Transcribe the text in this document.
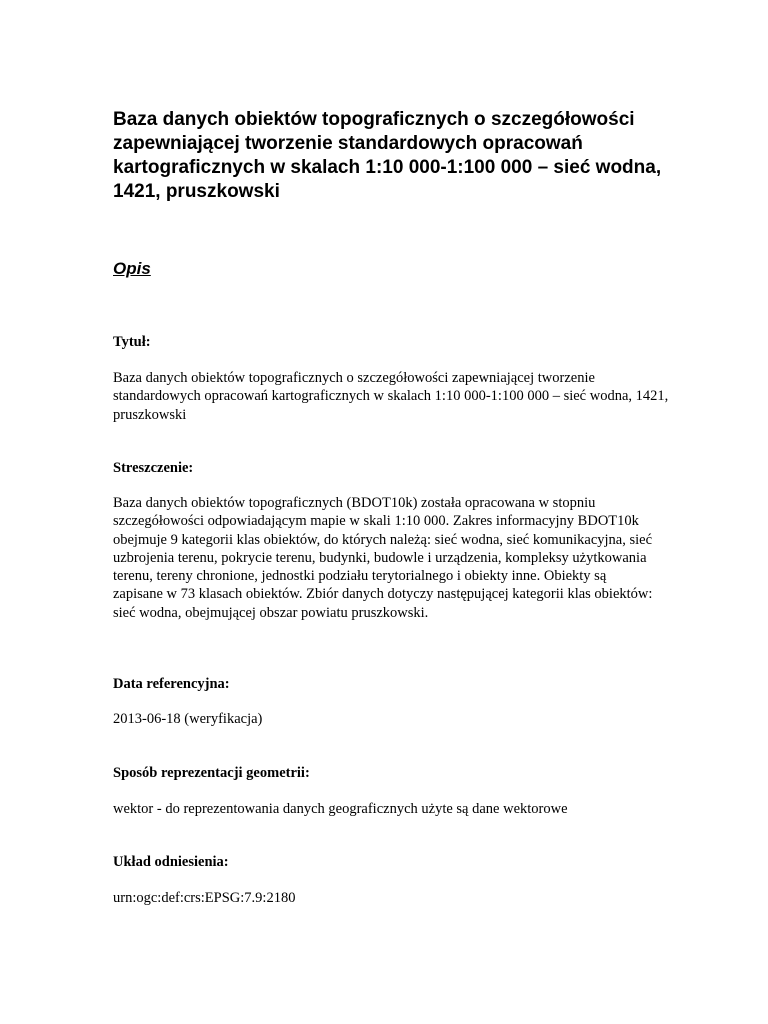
Baza danych obiektów topograficznych o szczegółowości zapewniającej tworzenie standardowych opracowań kartograficznych w skalach 1:10 000-1:100 000 – sieć wodna, 1421, pruszkowski
Opis

Tytuł:

Baza danych obiektów topograficznych o szczegółowości zapewniającej tworzenie standardowych opracowań kartograficznych w skalach 1:10 000-1:100 000 – sieć wodna, 1421, pruszkowski

Streszczenie:

Baza danych obiektów topograficznych (BDOT10k) została opracowana w stopniu szczegółowości odpowiadającym mapie w skali 1:10 000. Zakres informacyjny BDOT10k obejmuje 9 kategorii klas obiektów, do których należą: sieć wodna, sieć komunikacyjna, sieć uzbrojenia terenu, pokrycie terenu, budynki, budowle i urządzenia, kompleksy użytkowania terenu, tereny chronione, jednostki podziału terytorialnego i obiekty inne. Obiekty są zapisane w 73 klasach obiektów. Zbiór danych dotyczy następującej kategorii klas obiektów: sieć wodna, obejmującej obszar powiatu pruszkowski.

Data referencyjna:

2013-06-18 (weryfikacja)

Sposób reprezentacji geometrii:

wektor - do reprezentowania danych geograficznych użyte są dane wektorowe

Układ odniesienia:

urn:ogc:def:crs:EPSG:7.9:2180
